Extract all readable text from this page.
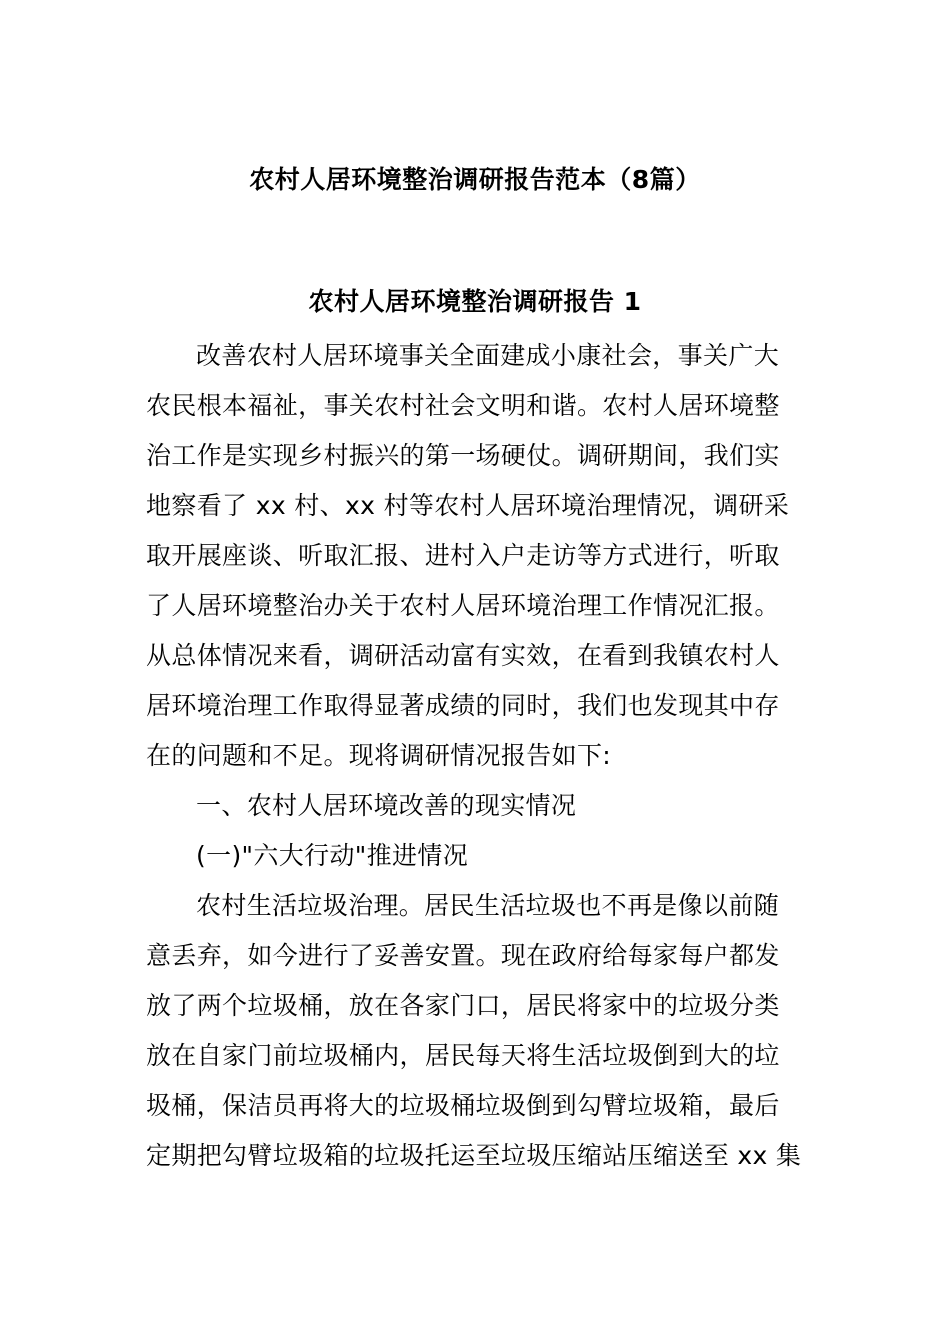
农村人居环境整治调研报告范本（8篇）
农村人居环境整治调研报告 1
改善农村人居环境事关全面建成小康社会，事关广大
农民根本福祉，事关农村社会文明和谐。农村人居环境整
治工作是实现乡村振兴的第一场硬仗。调研期间，我们实
地察看了 xx 村、xx 村等农村人居环境治理情况，调研采
取开展座谈、听取汇报、进村入户走访等方式进行，听取
了人居环境整治办关于农村人居环境治理工作情况汇报。
从总体情况来看，调研活动富有实效，在看到我镇农村人
居环境治理工作取得显著成绩的同时，我们也发现其中存
在的问题和不足。现将调研情况报告如下:
一、农村人居环境改善的现实情况
(一)"六大行动"推进情况
农村生活垃圾治理。居民生活垃圾也不再是像以前随
意丢弃，如今进行了妥善安置。现在政府给每家每户都发
放了两个垃圾桶，放在各家门口，居民将家中的垃圾分类
放在自家门前垃圾桶内，居民每天将生活垃圾倒到大的垃
圾桶，保洁员再将大的垃圾桶垃圾倒到勾臂垃圾箱，最后
定期把勾臂垃圾箱的垃圾托运至垃圾压缩站压缩送至 xx 集
